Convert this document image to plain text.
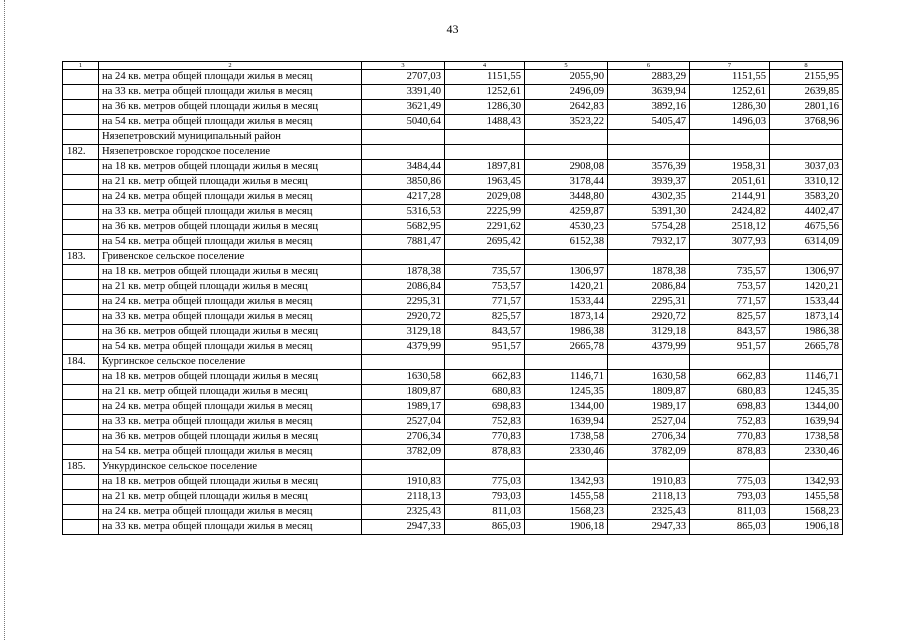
43
1	2	3	4	5	6	7	8
	на 24 кв. метра общей площади жилья в месяц	2707,03	1151,55	2055,90	2883,29	1151,55	2155,95
	на 33 кв. метра общей площади жилья в месяц	3391,40	1252,61	2496,09	3639,94	1252,61	2639,85
	на 36 кв. метров общей площади жилья в месяц	3621,49	1286,30	2642,83	3892,16	1286,30	2801,16
	на 54 кв. метра общей площади жилья в месяц	5040,64	1488,43	3523,22	5405,47	1496,03	3768,96
	Нязепетровский муниципальный район						
182.	Нязепетровское городское поселение						
	на 18 кв. метров общей площади жилья в месяц	3484,44	1897,81	2908,08	3576,39	1958,31	3037,03
	на 21 кв. метр общей площади жилья в месяц	3850,86	1963,45	3178,44	3939,37	2051,61	3310,12
	на 24 кв. метра общей площади жилья в месяц	4217,28	2029,08	3448,80	4302,35	2144,91	3583,20
	на 33 кв. метра общей площади жилья в месяц	5316,53	2225,99	4259,87	5391,30	2424,82	4402,47
	на 36 кв. метров общей площади жилья в месяц	5682,95	2291,62	4530,23	5754,28	2518,12	4675,56
	на 54 кв. метра общей площади жилья в месяц	7881,47	2695,42	6152,38	7932,17	3077,93	6314,09
183.	Гривенское сельское поселение						
	на 18 кв. метров общей площади жилья в месяц	1878,38	735,57	1306,97	1878,38	735,57	1306,97
	на 21 кв. метр общей площади жилья в месяц	2086,84	753,57	1420,21	2086,84	753,57	1420,21
	на 24 кв. метра общей площади жилья в месяц	2295,31	771,57	1533,44	2295,31	771,57	1533,44
	на 33 кв. метра общей площади жилья в месяц	2920,72	825,57	1873,14	2920,72	825,57	1873,14
	на 36 кв. метров общей площади жилья в месяц	3129,18	843,57	1986,38	3129,18	843,57	1986,38
	на 54 кв. метра общей площади жилья в месяц	4379,99	951,57	2665,78	4379,99	951,57	2665,78
184.	Кургинское сельское поселение						
	на 18 кв. метров общей площади жилья в месяц	1630,58	662,83	1146,71	1630,58	662,83	1146,71
	на 21 кв. метр общей площади жилья в месяц	1809,87	680,83	1245,35	1809,87	680,83	1245,35
	на 24 кв. метра общей площади жилья в месяц	1989,17	698,83	1344,00	1989,17	698,83	1344,00
	на 33 кв. метра общей площади жилья в месяц	2527,04	752,83	1639,94	2527,04	752,83	1639,94
	на 36 кв. метров общей площади жилья в месяц	2706,34	770,83	1738,58	2706,34	770,83	1738,58
	на 54 кв. метра общей площади жилья в месяц	3782,09	878,83	2330,46	3782,09	878,83	2330,46
185.	Ункурдинское сельское поселение						
	на 18 кв. метров общей площади жилья в месяц	1910,83	775,03	1342,93	1910,83	775,03	1342,93
	на 21 кв. метр общей площади жилья в месяц	2118,13	793,03	1455,58	2118,13	793,03	1455,58
	на 24 кв. метра общей площади жилья в месяц	2325,43	811,03	1568,23	2325,43	811,03	1568,23
	на 33 кв. метра общей площади жилья в месяц	2947,33	865,03	1906,18	2947,33	865,03	1906,18
